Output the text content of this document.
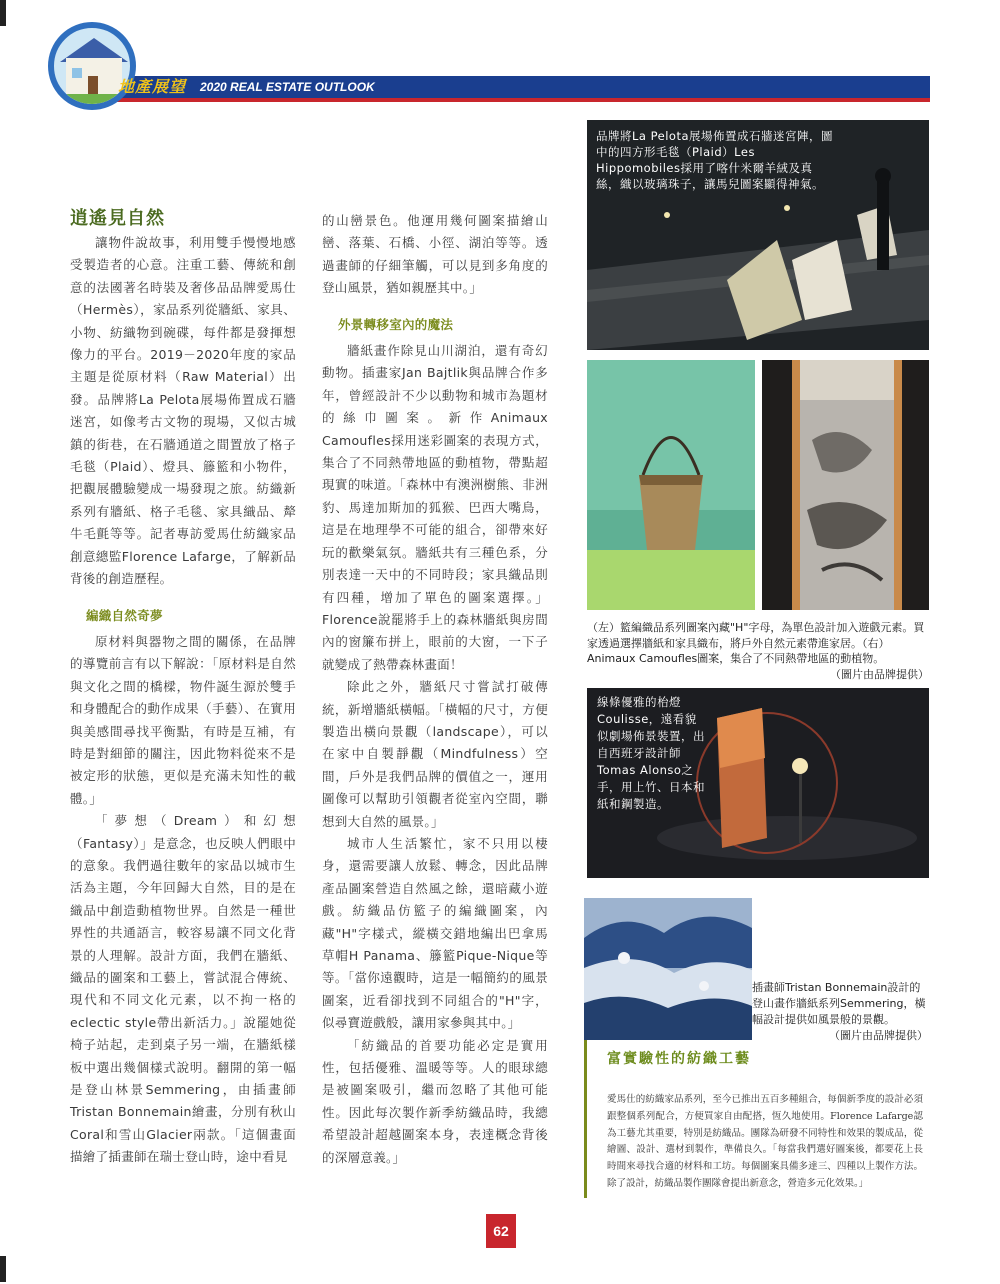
地產展望 2020 REAL ESTATE OUTLOOK
逍遙見自然

讓物件說故事，利用雙手慢慢地感受製造者的心意。注重工藝、傳統和創意的法國著名時裝及奢侈品品牌愛馬仕（Hermès），家品系列從牆紙、家具、小物、紡織物到碗碟，每件都是發揮想像力的平台。2019－2020年度的家品主題是從原材料（Raw Material）出發。品牌將La Pelota展場佈置成石牆迷宮，如像考古文物的現場，又似古城鎮的街巷，在石牆通道之間置放了格子毛毯（Plaid）、燈具、籐籃和小物件，把觀展體驗變成一場發現之旅。紡織新系列有牆紙、格子毛毯、家具織品、犛牛毛氈等等。記者專訪愛馬仕紡織家品創意總監Florence Lafarge，了解新品背後的創造歷程。

編織自然奇夢

原材料與器物之間的關係，在品牌的導覽前言有以下解說：「原材料是自然與文化之間的橋樑，物件誕生源於雙手和身體配合的動作成果（手藝）、在實用與美感間尋找平衡點，有時是互補，有時是對細節的關注，因此物料從來不是被定形的狀態，更似是充滿未知性的載體。」

「夢想（Dream）和幻想（Fantasy）」是意念，也反映人們眼中的意象。我們過往數年的家品以城市生活為主題，今年回歸大自然，目的是在織品中創造動植物世界。自然是一種世界性的共通語言，較容易讓不同文化背景的人理解。設計方面，我們在牆紙、織品的圖案和工藝上，嘗試混合傳統、現代和不同文化元素，以不拘一格的eclectic style帶出新活力。」說罷她從椅子站起，走到桌子另一端，在牆紙樣板中選出幾個樣式說明。翻開的第一幅是登山林景Semmering，由插畫師Tristan Bonnemain繪畫，分別有秋山Coral和雪山Glacier兩款。「這個畫面描繪了插畫師在瑞士登山時，途中看見

的山巒景色。他運用幾何圖案描繪山巒、落葉、石橋、小徑、湖泊等等。透過畫師的仔細筆觸，可以見到多角度的登山風景，猶如親歷其中。」

外景轉移室內的魔法

牆紙畫作除見山川湖泊，還有奇幻動物。插畫家Jan Bajtlik與品牌合作多年，曾經設計不少以動物和城市為題材的絲巾圖案。新作Animaux Camoufles採用迷彩圖案的表現方式，集合了不同熱帶地區的動植物，帶點超現實的味道。「森林中有澳洲樹熊、非洲豹、馬達加斯加的狐猴、巴西大嘴鳥，這是在地理學不可能的組合，卻帶來好玩的歡樂氣氛。牆紙共有三種色系，分別表達一天中的不同時段；家具織品則有四種，增加了單色的圖案選擇。」Florence說罷將手上的森林牆紙與房間內的窗簾布拼上，眼前的大窗，一下子就變成了熱帶森林畫面！

除此之外，牆紙尺寸嘗試打破傳統，新增牆紙橫幅。「橫幅的尺寸，方便製造出橫向景觀（landscape），可以在家中自製靜觀（Mindfulness）空間，戶外是我們品牌的價值之一，運用圖像可以幫助引領觀者從室內空間，聯想到大自然的風景。」

城市人生活繁忙，家不只用以棲身，還需要讓人放鬆、轉念，因此品牌產品圖案營造自然風之餘，還暗藏小遊戲。紡織品仿籃子的編織圖案，內藏"H"字樣式，縱橫交錯地編出巴拿馬草帽H Panama、籐籃Pique-Nique等等。「當你遠觀時，這是一幅簡約的風景圖案，近看卻找到不同組合的"H"字，似尋寶遊戲般，讓用家參與其中。」

「紡織品的首要功能必定是實用性，包括優雅、溫暖等等。人的眼球總是被圖案吸引，繼而忽略了其他可能性。因此每次製作新季紡織品時，我總希望設計超越圖案本身，表達概念背後的深層意義。」

品牌將La Pelota展場佈置成石牆迷宮陣，圖中的四方形毛毯（Plaid）Les Hippomobiles採用了喀什米爾羊絨及真絲，織以玻璃珠子，讓馬兒圖案顯得神氣。
（左）籃編織品系列圖案內藏"H"字母，為單色設計加入遊戲元素。買家透過選擇牆紙和家具織布，將戶外自然元素帶進家居。（右）Animaux Camoufles圖案，集合了不同熱帶地區的動植物。
（圖片由品牌提供）
線條優雅的枱燈Coulisse，遠看貌似劇場佈景裝置，出自西班牙設計師Tomas Alonso之手，用上竹、日本和紙和鋼製造。
插畫師Tristan Bonnemain設計的登山畫作牆紙系列Semmering，橫幅設計提供如風景般的景觀。
（圖片由品牌提供）
富實驗性的紡織工藝
愛馬仕的紡織家品系列，至今已推出五百多種組合，每個新季度的設計必須跟整個系列配合，方便買家自由配搭，恆久地使用。Florence Lafarge認為工藝尤其重要，特別是紡織品。團隊為研發不同特性和效果的製成品，從繪圖、設計、選材到製作，準備良久。「每當我們選好圖案後，都要花上長時間來尋找合適的材料和工坊。每個圖案具備多達三、四種以上製作方法。除了設計，紡織品製作團隊會提出新意念，營造多元化效果。」
62
